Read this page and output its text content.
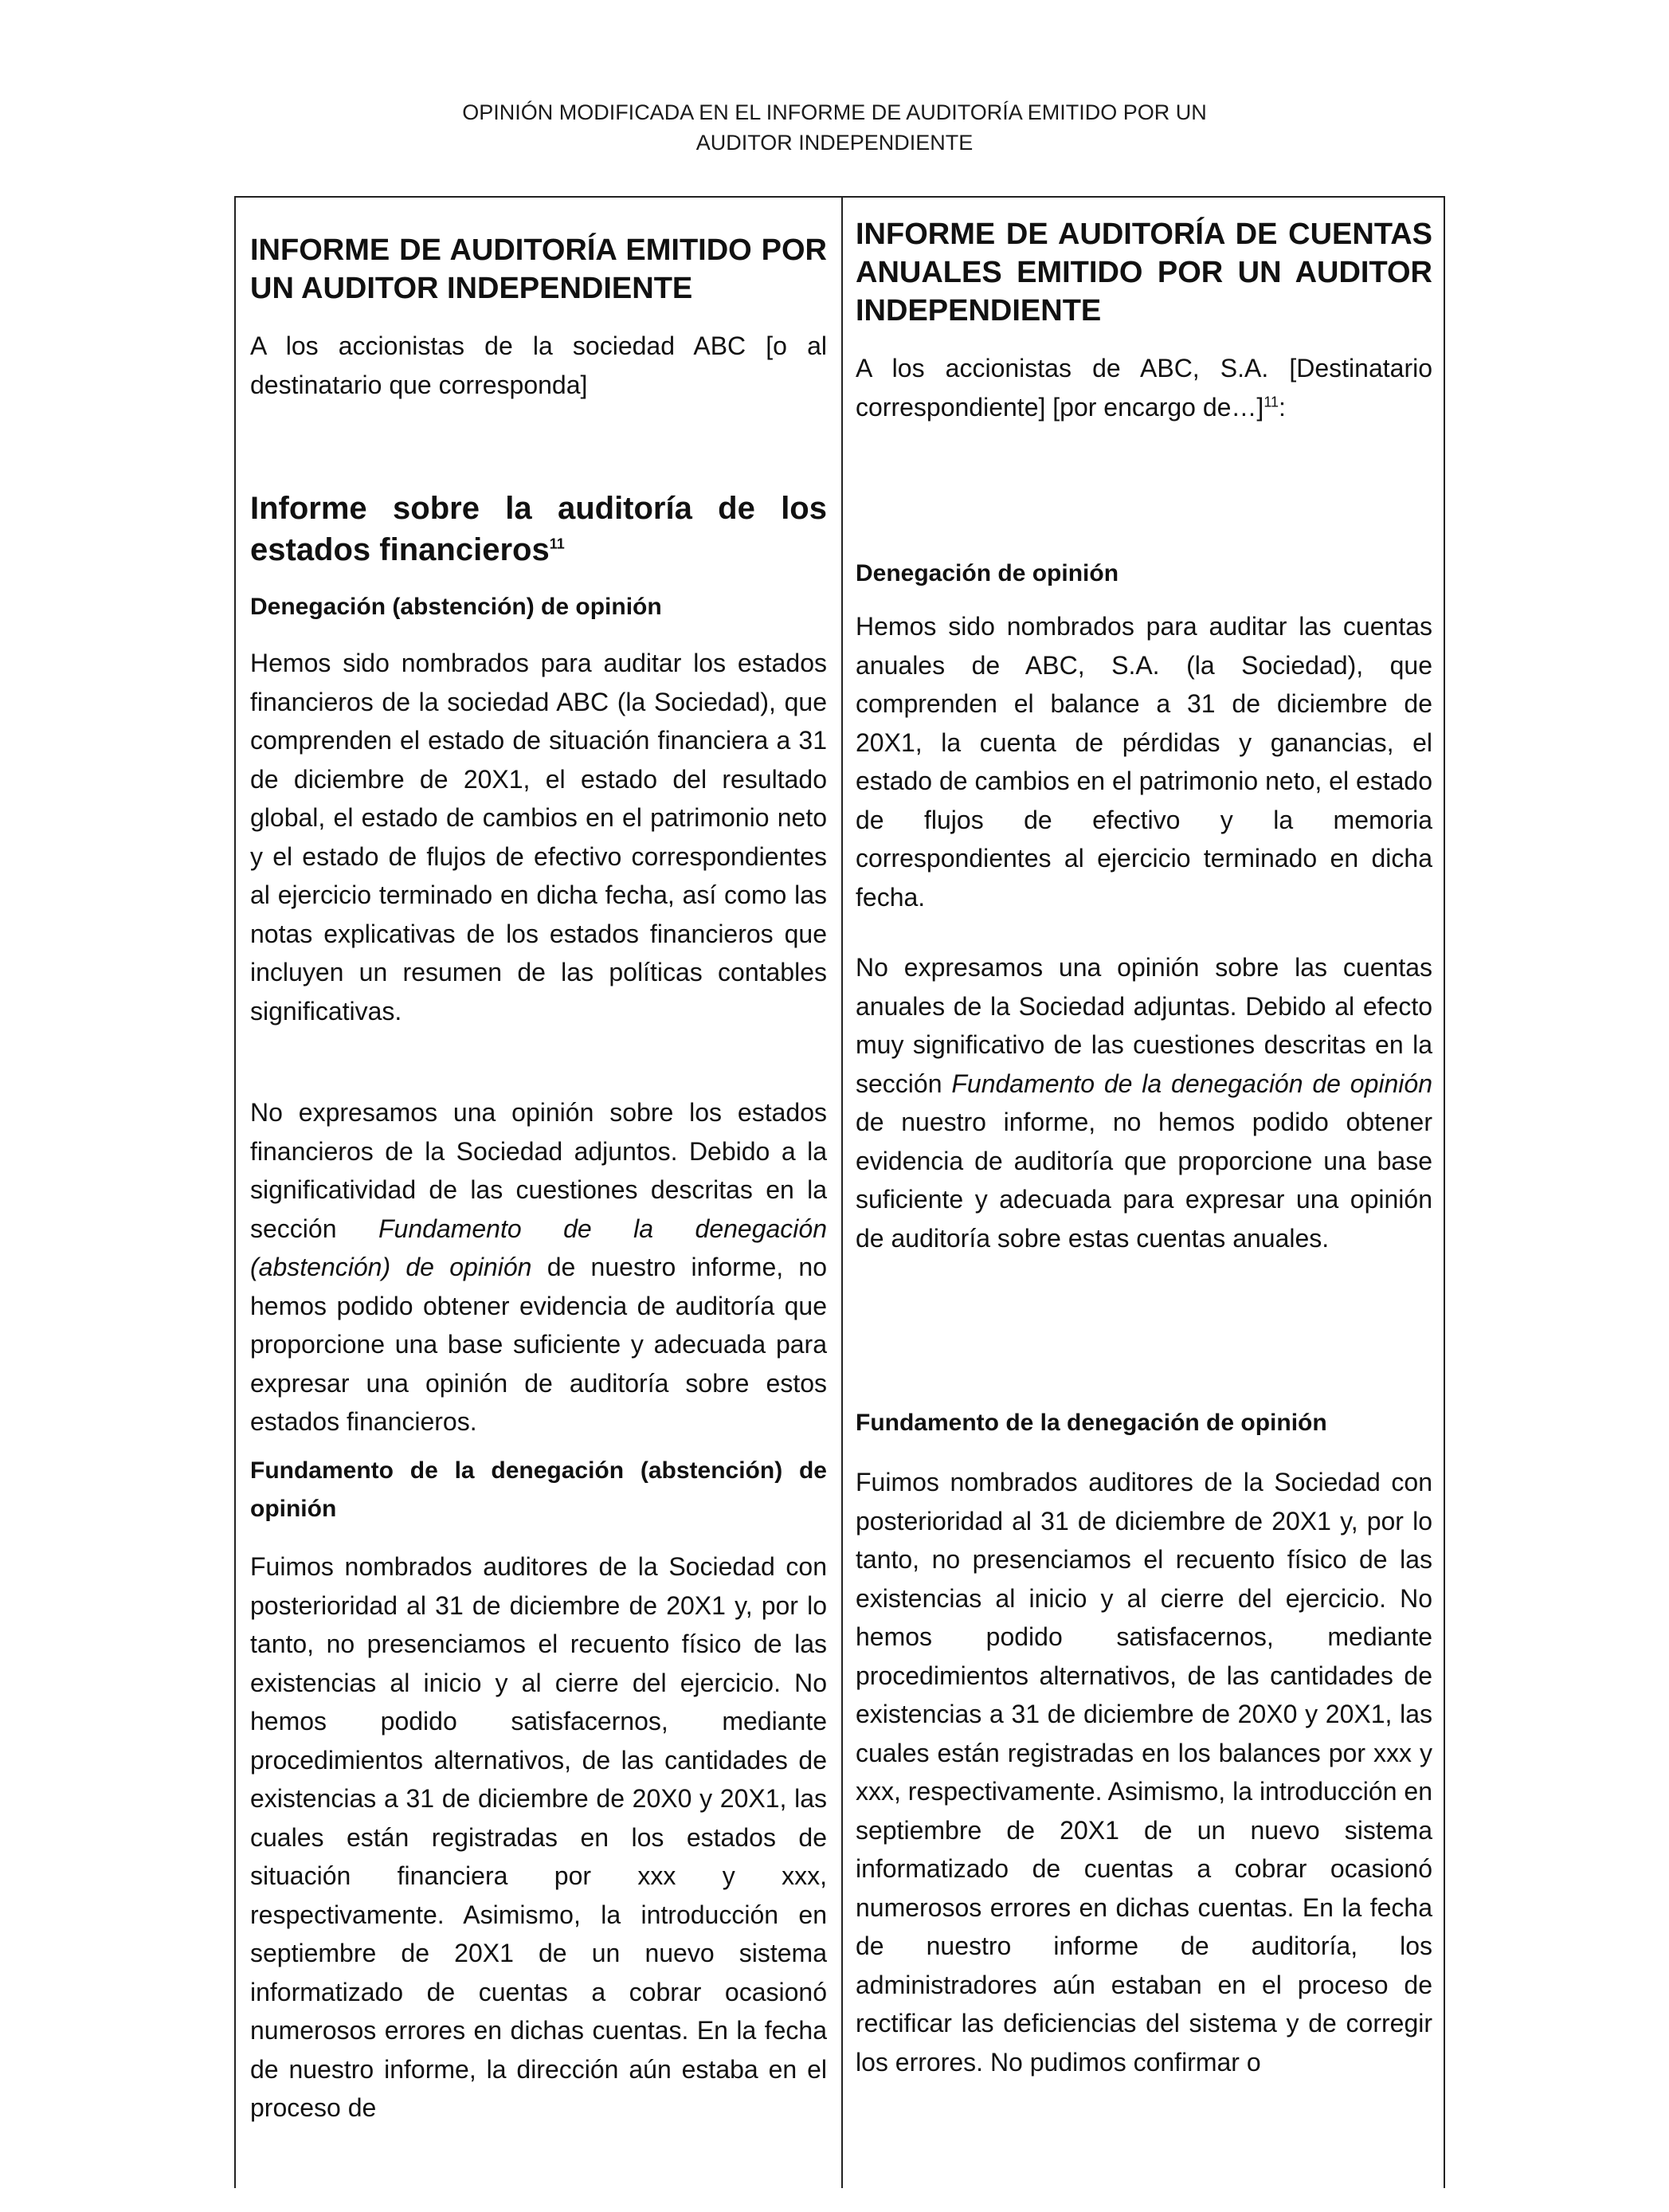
OPINIÓN MODIFICADA EN EL INFORME DE AUDITORÍA EMITIDO POR UN
AUDITOR INDEPENDIENTE
INFORME DE AUDITORÍA EMITIDO POR UN AUDITOR INDEPENDIENTE
A los accionistas de la sociedad ABC [o al destinatario que corresponda]
Informe sobre la auditoría de los estados financieros$^{11}$
Denegación (abstención) de opinión
Hemos sido nombrados para auditar los estados financieros de la sociedad ABC (la Sociedad), que comprenden el estado de situación financiera a 31 de diciembre de 20X1, el estado del resultado global, el estado de cambios en el patrimonio neto y el estado de flujos de efectivo correspondientes al ejercicio terminado en dicha fecha, así como las notas explicativas de los estados financieros que incluyen un resumen de las políticas contables significativas.
No expresamos una opinión sobre los estados financieros de la Sociedad adjuntos. Debido a la significatividad de las cuestiones descritas en la sección Fundamento de la denegación (abstención) de opinión de nuestro informe, no hemos podido obtener evidencia de auditoría que proporcione una base suficiente y adecuada para expresar una opinión de auditoría sobre estos estados financieros.
Fundamento de la denegación (abstención) de opinión
Fuimos nombrados auditores de la Sociedad con posterioridad al 31 de diciembre de 20X1 y, por lo tanto, no presenciamos el recuento físico de las existencias al inicio y al cierre del ejercicio. No hemos podido satisfacernos, mediante procedimientos alternativos, de las cantidades de existencias a 31 de diciembre de 20X0 y 20X1, las cuales están registradas en los estados de situación financiera por xxx y xxx, respectivamente. Asimismo, la introducción en septiembre de 20X1 de un nuevo sistema informatizado de cuentas a cobrar ocasionó numerosos errores en dichas cuentas. En la fecha de nuestro informe, la dirección aún estaba en el proceso de
INFORME DE AUDITORÍA DE CUENTAS ANUALES EMITIDO POR UN AUDITOR INDEPENDIENTE
A los accionistas de ABC, S.A. [Destinatario correspondiente] [por encargo de…]$^{11}$:
Denegación de opinión
Hemos sido nombrados para auditar las cuentas anuales de ABC, S.A. (la Sociedad), que comprenden el balance a 31 de diciembre de 20X1, la cuenta de pérdidas y ganancias, el estado de cambios en el patrimonio neto, el estado de flujos de efectivo y la memoria correspondientes al ejercicio terminado en dicha fecha.
No expresamos una opinión sobre las cuentas anuales de la Sociedad adjuntas. Debido al efecto muy significativo de las cuestiones descritas en la sección Fundamento de la denegación de opinión de nuestro informe, no hemos podido obtener evidencia de auditoría que proporcione una base suficiente y adecuada para expresar una opinión de auditoría sobre estas cuentas anuales.
Fundamento de la denegación de opinión
Fuimos nombrados auditores de la Sociedad con posterioridad al 31 de diciembre de 20X1 y, por lo tanto, no presenciamos el recuento físico de las existencias al inicio y al cierre del ejercicio. No hemos podido satisfacernos, mediante procedimientos alternativos, de las cantidades de existencias a 31 de diciembre de 20X0 y 20X1, las cuales están registradas en los balances por xxx y xxx, respectivamente. Asimismo, la introducción en septiembre de 20X1 de un nuevo sistema informatizado de cuentas a cobrar ocasionó numerosos errores en dichas cuentas. En la fecha de nuestro informe de auditoría, los administradores aún estaban en el proceso de rectificar las deficiencias del sistema y de corregir los errores. No pudimos confirmar o
